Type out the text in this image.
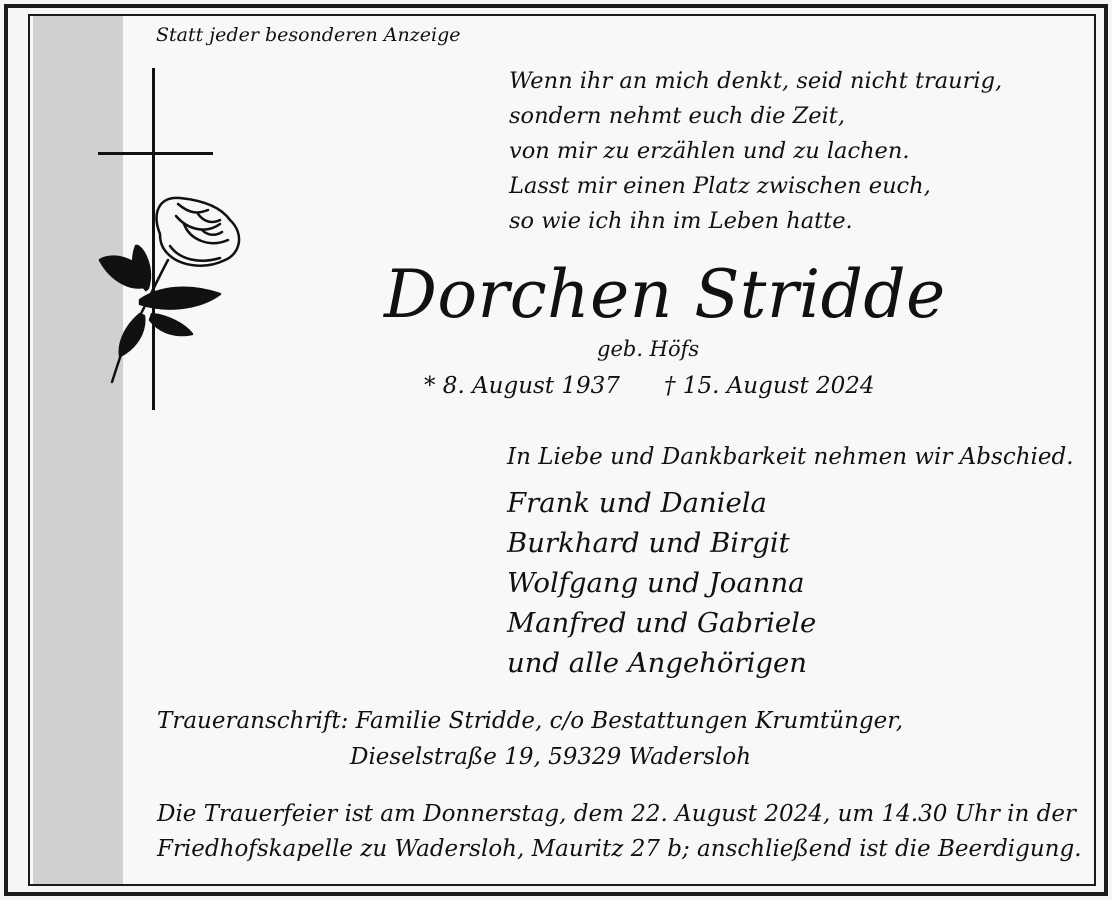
Statt jeder besonderen Anzeige
Wenn ihr an mich denkt, seid nicht traurig,
sondern nehmt euch die Zeit,
von mir zu erzählen und zu lachen.
Lasst mir einen Platz zwischen euch,
so wie ich ihn im Leben hatte.
Dorchen Stridde
geb. Höfs
* 8. August 1937 † 15. August 2024
In Liebe und Dankbarkeit nehmen wir Abschied.
Frank und Daniela
Burkhard und Birgit
Wolfgang und Joanna
Manfred und Gabriele
und alle Angehörigen
Traueranschrift: Familie Stridde, c/o Bestattungen Krumtünger,
Dieselstraße 19, 59329 Wadersloh
Die Trauerfeier ist am Donnerstag, dem 22. August 2024, um 14.30 Uhr in der
Friedhofskapelle zu Wadersloh, Mauritz 27 b; anschließend ist die Beerdigung.
